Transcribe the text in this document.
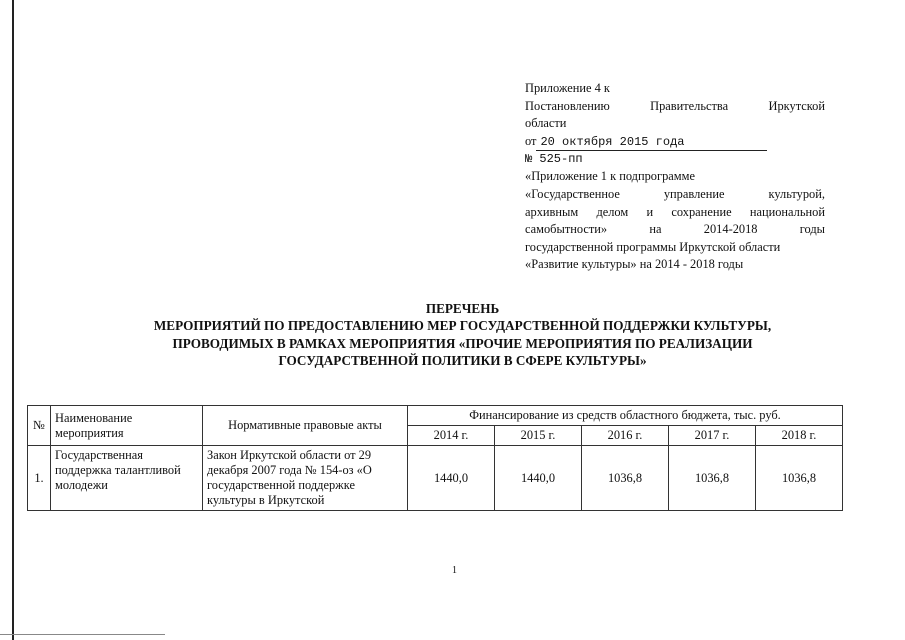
Приложение 4 к
Постановлению	Правительства	Иркутской
области
от 20 октября 2015 года
№ 525-пп
«Приложение 1 к подпрограмме
«Государственное	управление	культурой,
архивным делом и сохранение национальной
самобытности»	на	2014-2018	годы
государственной программы Иркутской области
«Развитие культуры» на 2014 - 2018 годы
ПЕРЕЧЕНЬ
МЕРОПРИЯТИЙ ПО ПРЕДОСТАВЛЕНИЮ МЕР ГОСУДАРСТВЕННОЙ ПОДДЕРЖКИ КУЛЬТУРЫ,
ПРОВОДИМЫХ В РАМКАХ МЕРОПРИЯТИЯ «ПРОЧИЕ МЕРОПРИЯТИЯ ПО РЕАЛИЗАЦИИ
ГОСУДАРСТВЕННОЙ ПОЛИТИКИ В СФЕРЕ КУЛЬТУРЫ»
№	Наименование мероприятия	Нормативные правовые акты	Финансирование из средств областного бюджета, тыс. руб.				
			2014 г.	2015 г.	2016 г.	2017 г.	2018 г.
1.	Государственная поддержка талантливой молодежи	Закон Иркутской области от 29 декабря 2007 года № 154-оз «О государственной поддержке культуры в Иркутской	1440,0	1440,0	1036,8	1036,8	1036,8
1
